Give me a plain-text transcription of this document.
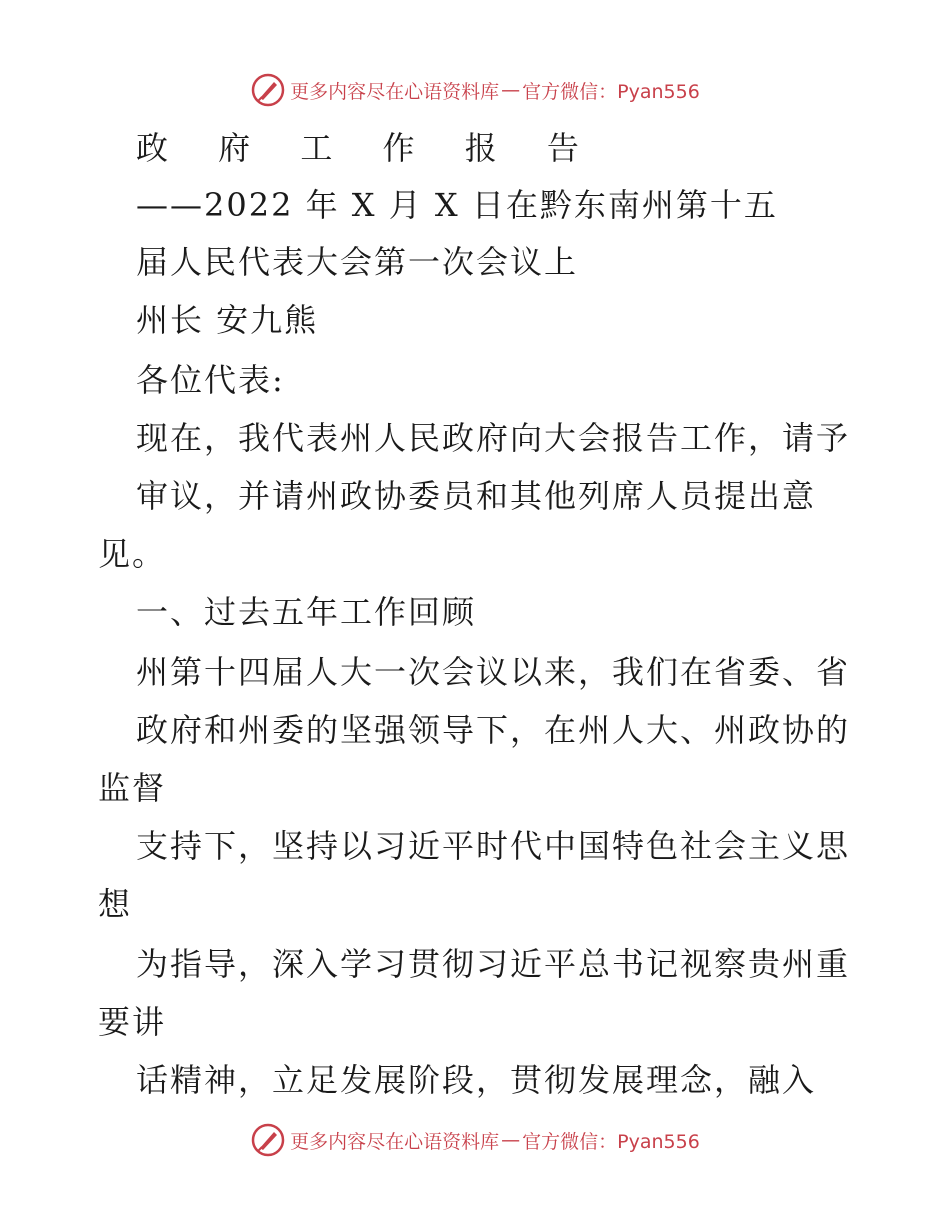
更多内容尽在心语资料库 — 官方微信：Pyan556
政 府 工 作 报 告
——2022 年 X 月 X 日在黔东南州第十五
届人民代表大会第一次会议上
州长 安九熊
各位代表:
现在，我代表州人民政府向大会报告工作，请予
审议，并请州政协委员和其他列席人员提出意
见。
一、过去五年工作回顾
州第十四届人大一次会议以来，我们在省委、省
政府和州委的坚强领导下，在州人大、州政协的
监督
支持下，坚持以习近平时代中国特色社会主义思
想
为指导，深入学习贯彻习近平总书记视察贵州重
要讲
话精神，立足发展阶段，贯彻发展理念，融入
更多内容尽在心语资料库 — 官方微信：Pyan556
